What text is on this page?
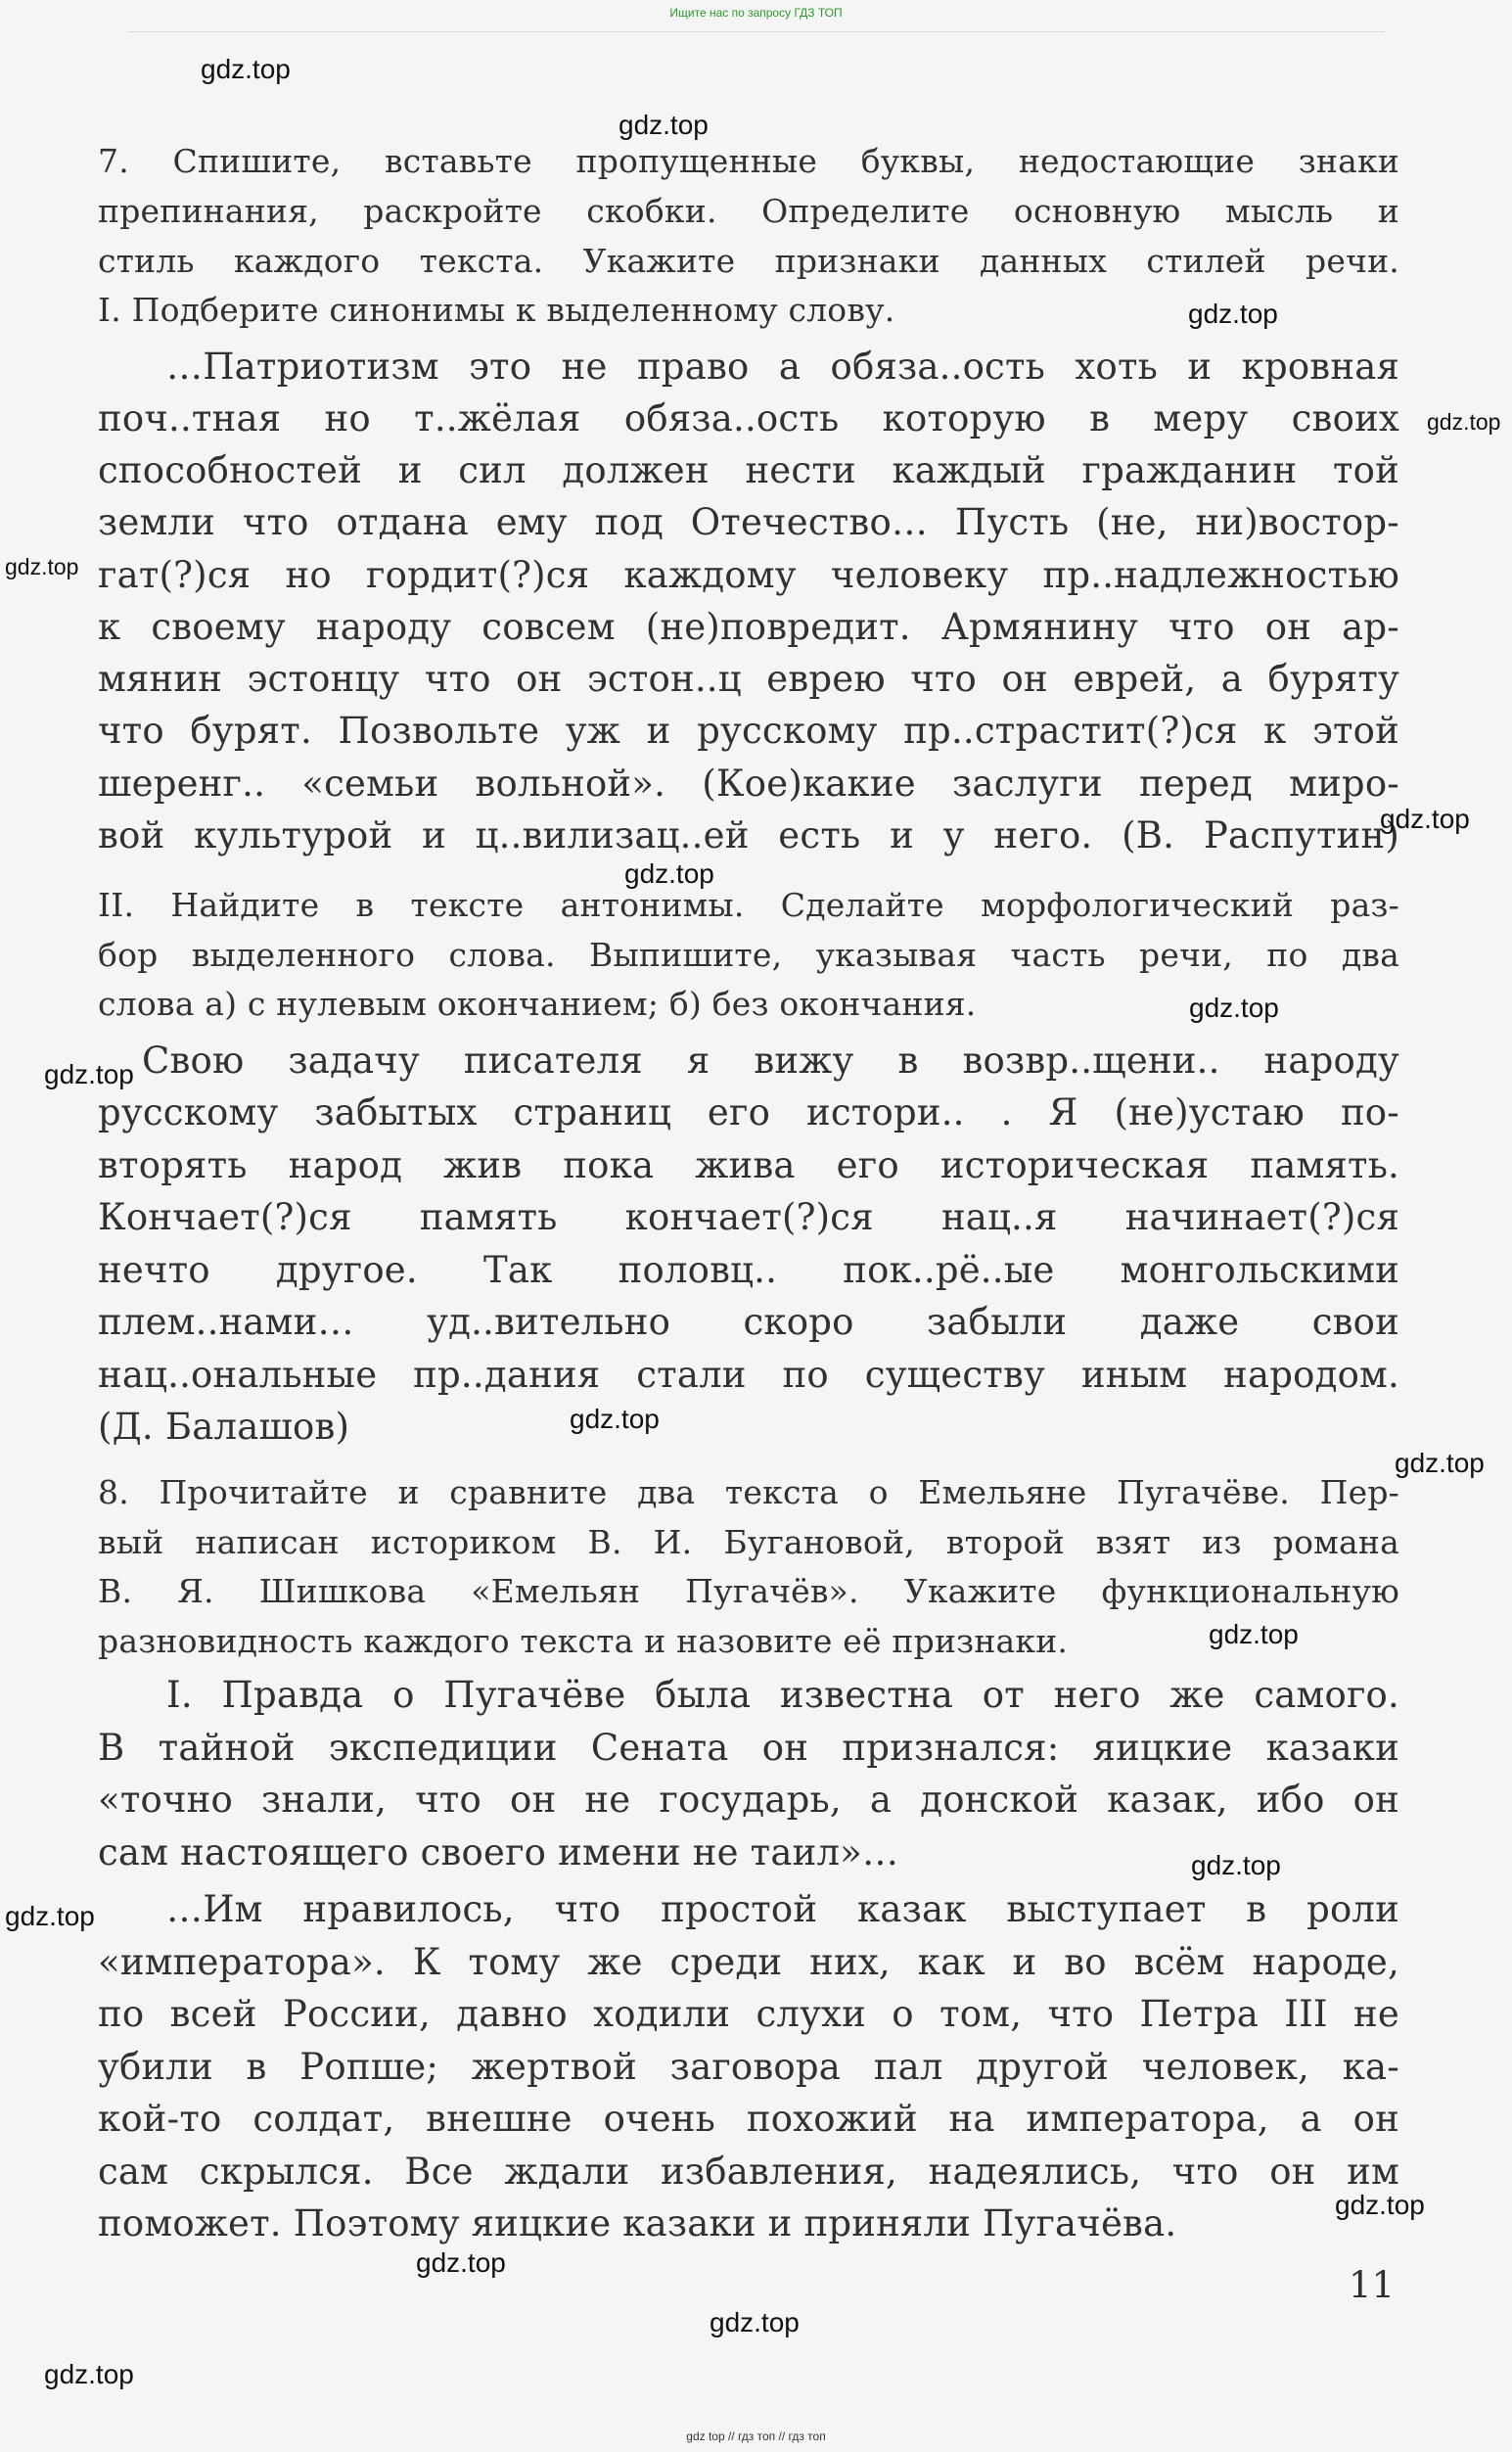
Ищите нас по запросу ГДЗ ТОП
7. Спишите, вставьте пропущенные буквы, недостающие знаки
препинания, раскройте скобки. Определите основную мысль и
стиль каждого текста. Укажите признаки данных стилей речи.
I. Подберите синонимы к выделенному слову.
…Патриотизм это не право а обяза..ость хоть и кровная
поч..тная но т..жёлая обяза..ость которую в меру своих
способностей и сил должен нести каждый гражданин той
земли что отдана ему под Отечество… Пусть (не, ни)востор-
гат(?)ся но гордит(?)ся каждому человеку пр..надлежностью
к своему народу совсем (не)повредит. Армянину что он ар-
мянин эстонцу что он эстон..ц еврею что он еврей, а буряту
что бурят. Позвольте уж и русскому пр..страстит(?)ся к этой
шеренг.. «семьи вольной». (Кое)какие заслуги перед миро-
вой культурой и ц..вилизац..ей есть и у него. (В. Распутин)
II. Найдите в тексте антонимы. Сделайте морфологический раз-
бор выделенного слова. Выпишите, указывая часть речи, по два
слова а) с нулевым окончанием; б) без окончания.
Свою задачу писателя я вижу в возвр..щени.. народу
русскому забытых страниц его истори.. . Я (не)устаю по-
вторять народ жив пока жива его историческая память.
Кончает(?)ся память кончает(?)ся нац..я начинает(?)ся
нечто другое. Так половц.. пок..рё..ые монгольскими
плем..нами… уд..вительно скоро забыли даже свои
нац..ональные пр..дания стали по существу иным народом.
(Д. Балашов)
8. Прочитайте и сравните два текста о Емельяне Пугачёве. Пер-
вый написан историком В. И. Бугановой, второй взят из романа
В. Я. Шишкова «Емельян Пугачёв». Укажите функциональную
разновидность каждого текста и назовите её признаки.
I. Правда о Пугачёве была известна от него же самого.
В тайной экспедиции Сената он признался: яицкие казаки
«точно знали, что он не государь, а донской казак, ибо он
сам настоящего своего имени не таил»…
…Им нравилось, что простой казак выступает в роли
«императора». К тому же среди них, как и во всём народе,
по всей России, давно ходили слухи о том, что Петра III не
убили в Ропше; жертвой заговора пал другой человек, ка-
кой-то солдат, внешне очень похожий на императора, а он
сам скрылся. Все ждали избавления, надеялись, что он им
поможет. Поэтому яицкие казаки и приняли Пугачёва.
11
gdz.top
gdz.top
gdz.top
gdz.top
gdz.top
gdz.top
gdz.top
gdz.top
gdz.top
gdz.top
gdz.top
gdz.top
gdz.top
gdz.top
gdz.top
gdz.top
gdz.top
gdz.top
gdz top // гдз топ // гдз топ
